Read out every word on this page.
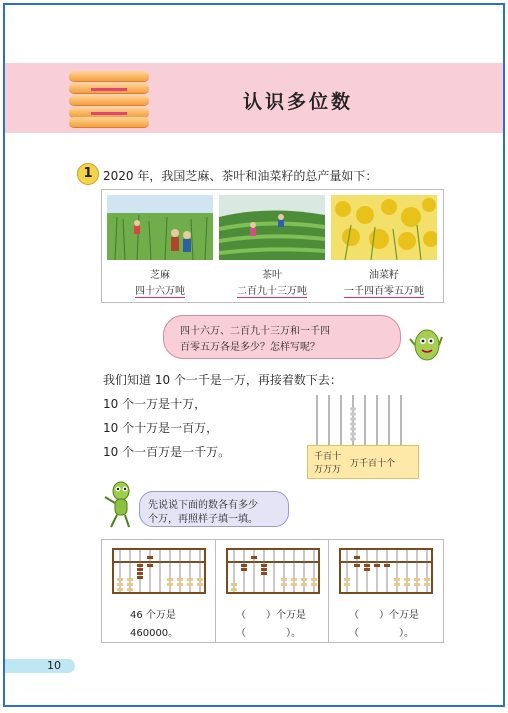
认识多位数
1 2020 年，我国芝麻、茶叶和油菜籽的总产量如下：
芝麻	茶叶	油菜籽
四十六万吨	二百九十三万吨	一千四百零五万吨
四十六万、二百九十三万和一千四
百零五万各是多少？怎样写呢？
我们知道 10 个一千是一万，再接着数下去：
10 个一万是十万，
10 个十万是一百万，
10 个一百万是一千万。	千百十
万万万
万千百十个
先说说下面的数各有多少
个万，再照样子填一填。
46 个万是
460000。
（　　）个万是
（　　　　）。
（　　）个万是
（　　　　）。
10
